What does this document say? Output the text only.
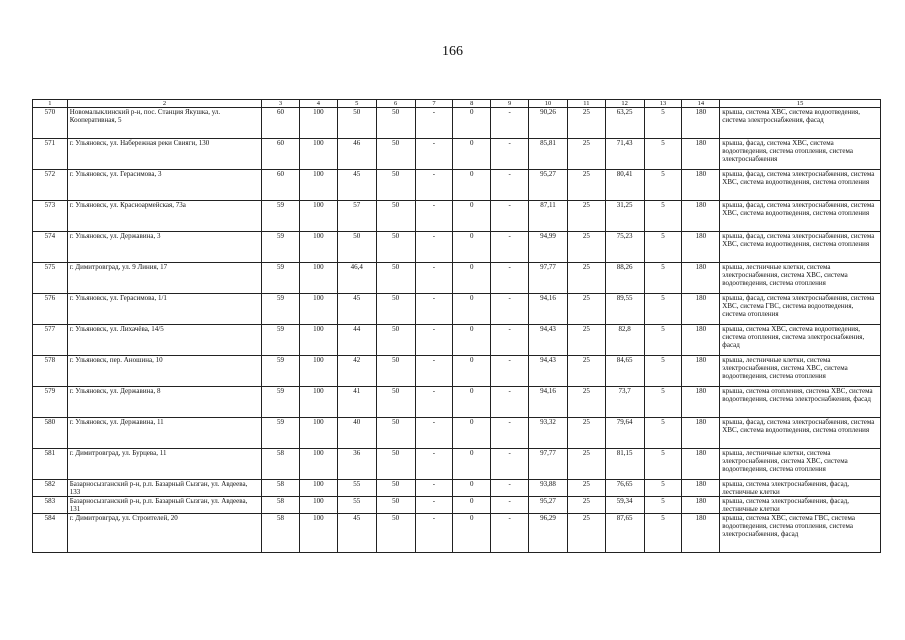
166
1	2	3	4	5	6	7	8	9	10	11	12	13	14	15
570	Новомалыклинский р-н, пос. Станция Якушка, ул. Кооперативная, 5	60	100	50	50	-	0	-	90,26	25	63,25	5	180	крыша, система ХВС, система водоотведения, система электроснабжения, фасад
571	г. Ульяновск, ул. Набережная реки Свияги, 130	60	100	46	50	-	0	-	85,81	25	71,43	5	180	крыша, фасад, система ХВС, система водоотведения, система отопления, система электроснабжения
572	г. Ульяновск, ул. Герасимова, 3	60	100	45	50	-	0	-	95,27	25	80,41	5	180	крыша, фасад, система электроснабжения, система ХВС, система водоотведения, система отопления
573	г. Ульяновск, ул. Красноармейская, 73а	59	100	57	50	-	0	-	87,11	25	31,25	5	180	крыша, фасад, система электроснабжения, система ХВС, система водоотведения, система отопления
574	г. Ульяновск, ул. Державина, 3	59	100	50	50	-	0	-	94,99	25	75,23	5	180	крыша, фасад, система электроснабжения, система ХВС, система водоотведения, система отопления
575	г. Димитровград, ул. 9 Линия, 17	59	100	46,4	50	-	0	-	97,77	25	88,26	5	180	крыша, лестничные клетки, система электроснабжения, система ХВС, система водоотведения, система отопления
576	г. Ульяновск, ул. Герасимова, 1/1	59	100	45	50	-	0	-	94,16	25	89,55	5	180	крыша, фасад, система электроснабжения, система ХВС, система ГВС, система водоотведения, система отопления
577	г. Ульяновск, ул. Лихачёва, 14/5	59	100	44	50	-	0	-	94,43	25	82,8	5	180	крыша, система ХВС, система водоотведения, система отопления, система электроснабжения, фасад
578	г. Ульяновск, пер. Аношина, 10	59	100	42	50	-	0	-	94,43	25	84,65	5	180	крыша, лестничные клетки, система электроснабжения, система ХВС, система водоотведения, система отопления
579	г. Ульяновск, ул. Державина, 8	59	100	41	50	-	0	-	94,16	25	73,7	5	180	крыша, система отопления, система ХВС, система водоотведения, система электроснабжения, фасад
580	г. Ульяновск, ул. Державина, 11	59	100	40	50	-	0	-	93,32	25	79,64	5	180	крыша, фасад, система электроснабжения, система ХВС, система водоотведения, система отопления
581	г. Димитровград, ул. Бурцева, 11	58	100	36	50	-	0	-	97,77	25	81,15	5	180	крыша, лестничные клетки, система электроснабжения, система ХВС, система водоотведения, система отопления
582	Базарносызганский р-н, р.п. Базарный Сызган, ул. Авдеева, 133	58	100	55	50	-	0	-	93,88	25	76,65	5	180	крыша, система электроснабжения, фасад, лестничные клетки
583	Базарносызганский р-н, р.п. Базарный Сызган, ул. Авдеева, 131	58	100	55	50	-	0	-	95,27	25	59,34	5	180	крыша, система электроснабжения, фасад, лестничные клетки
584	г. Димитровград, ул. Строителей, 20	58	100	45	50	-	0	-	96,29	25	87,65	5	180	крыша, система ХВС, система ГВС, система водоотведения, система отопления, система электроснабжения, фасад
